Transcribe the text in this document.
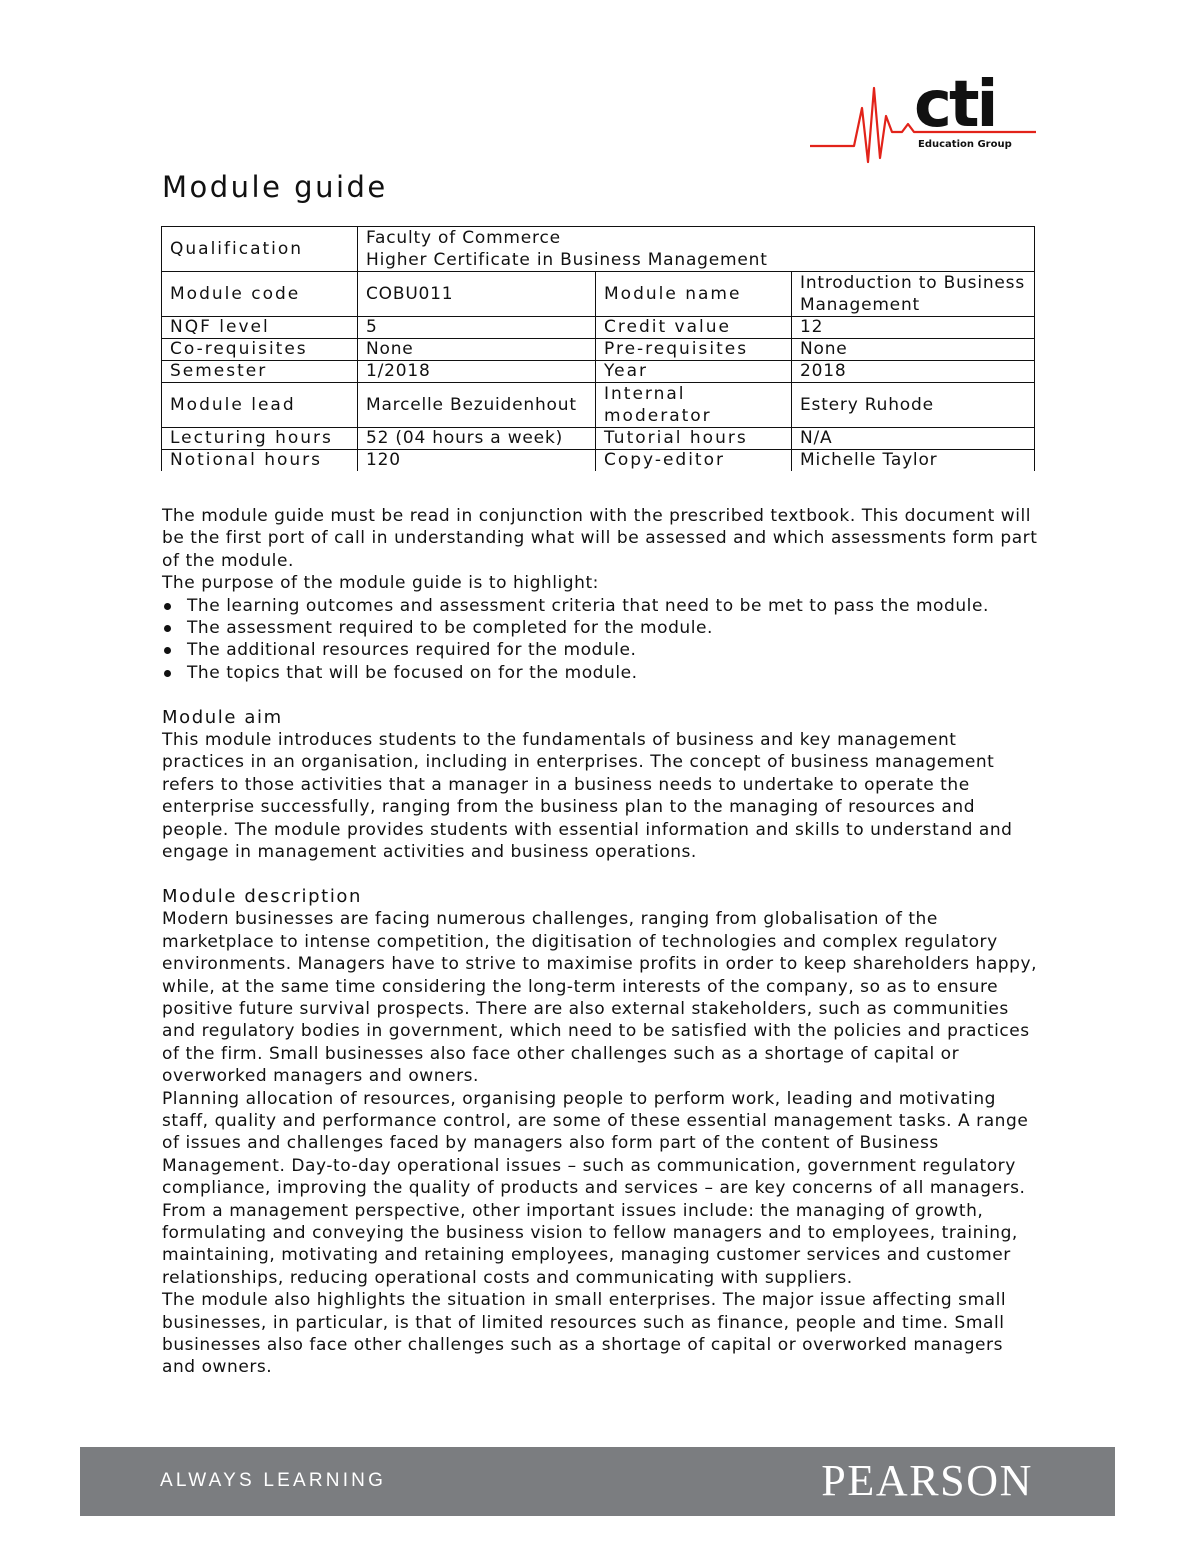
cti
Education Group
Module guide
Qualification	Faculty of Commerce
Higher Certificate in Business Management		

Module code	COBU011	Module name	Introduction to Business Management
NQF level	5	Credit value	12
Co-requisites	None	Pre-requisites	None
Semester	1/2018	Year	2018
Module lead	Marcelle Bezuidenhout	Internal moderator	Estery Ruhode
Lecturing hours	52 (04 hours a week)	Tutorial hours	N/A
Notional hours	120	Copy-editor	Michelle Taylor

The module guide must be read in conjunction with the prescribed textbook. This document will be the first port of call in understanding what will be assessed and which assessments form part of the module.

The purpose of the module guide is to highlight:

The learning outcomes and assessment criteria that need to be met to pass the module.
The assessment required to be completed for the module.
The additional resources required for the module.
The topics that will be focused on for the module.
Module aim

This module introduces students to the fundamentals of business and key management practices in an organisation, including in enterprises. The concept of business management refers to those activities that a manager in a business needs to undertake to operate the enterprise successfully, ranging from the business plan to the managing of resources and people. The module provides students with essential information and skills to understand and engage in management activities and business operations.

Module description

Modern businesses are facing numerous challenges, ranging from globalisation of the marketplace to intense competition, the digitisation of technologies and complex regulatory environments. Managers have to strive to maximise profits in order to keep shareholders happy, while, at the same time considering the long-term interests of the company, so as to ensure positive future survival prospects. There are also external stakeholders, such as communities and regulatory bodies in government, which need to be satisfied with the policies and practices of the firm. Small businesses also face other challenges such as a shortage of capital or overworked managers and owners.

Planning allocation of resources, organising people to perform work, leading and motivating staff, quality and performance control, are some of these essential management tasks. A range of issues and challenges faced by managers also form part of the content of Business Management. Day-to-day operational issues – such as communication, government regulatory compliance, improving the quality of products and services – are key concerns of all managers. From a management perspective, other important issues include: the managing of growth, formulating and conveying the business vision to fellow managers and to employees, training, maintaining, motivating and retaining employees, managing customer services and customer relationships, reducing operational costs and communicating with suppliers.

The module also highlights the situation in small enterprises. The major issue affecting small businesses, in particular, is that of limited resources such as finance, people and time. Small businesses also face other challenges such as a shortage of capital or overworked managers and owners.

ALWAYS LEARNING	PEARSON
